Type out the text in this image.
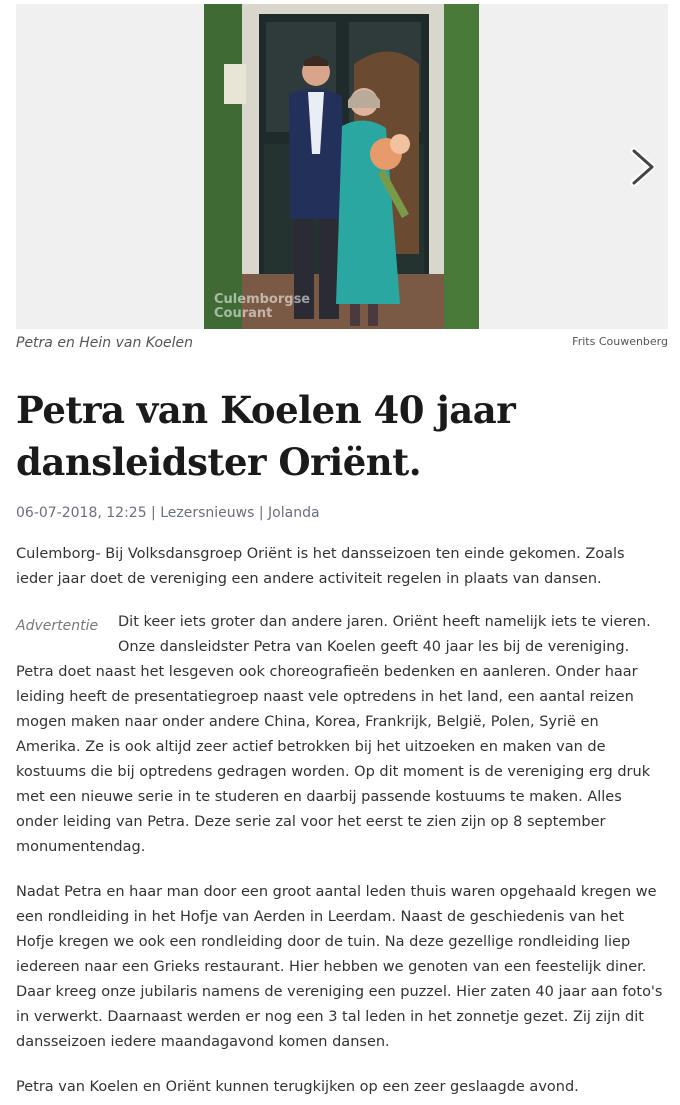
Culemborgse
Courant
Petra en Hein van Koelen	Frits Couwenberg
Petra van Koelen 40 jaar dansleidster Oriënt.
06-07-2018, 12:25 | Lezersnieuws | Jolanda

Culemborg- Bij Volksdansgroep Oriënt is het dansseizoen ten einde gekomen. Zoals ieder jaar doet de vereniging een andere activiteit regelen in plaats van dansen.

Advertentie	Dit keer iets groter dan andere jaren. Oriënt heeft namelijk iets te vieren. Onze dansleidster Petra van Koelen geeft 40 jaar les bij de vereniging. Petra doet naast het lesgeven ook choreografieën bedenken en aanleren. Onder haar leiding heeft de presentatiegroep naast vele optredens in het land, een aantal reizen mogen maken naar onder andere China, Korea, Frankrijk, België, Polen, Syrië en Amerika. Ze is ook altijd zeer actief betrokken bij het uitzoeken en maken van de kostuums die bij optredens gedragen worden. Op dit moment is de vereniging erg druk met een nieuwe serie in te studeren en daarbij passende kostuums te maken. Alles onder leiding van Petra. Deze serie zal voor het eerst te zien zijn op 8 september monumentendag.

Nadat Petra en haar man door een groot aantal leden thuis waren opgehaald kregen we een rondleiding in het Hofje van Aerden in Leerdam. Naast de geschiedenis van het Hofje kregen we ook een rondleiding door de tuin. Na deze gezellige rondleiding liep iedereen naar een Grieks restaurant. Hier hebben we genoten van een feestelijk diner. Daar kreeg onze jubilaris namens de vereniging een puzzel. Hier zaten 40 jaar aan foto's in verwerkt. Daarnaast werden er nog een 3 tal leden in het zonnetje gezet. Zij zijn dit dansseizoen iedere maandagavond komen dansen.

Petra van Koelen en Oriënt kunnen terugkijken op een zeer geslaagde avond.
